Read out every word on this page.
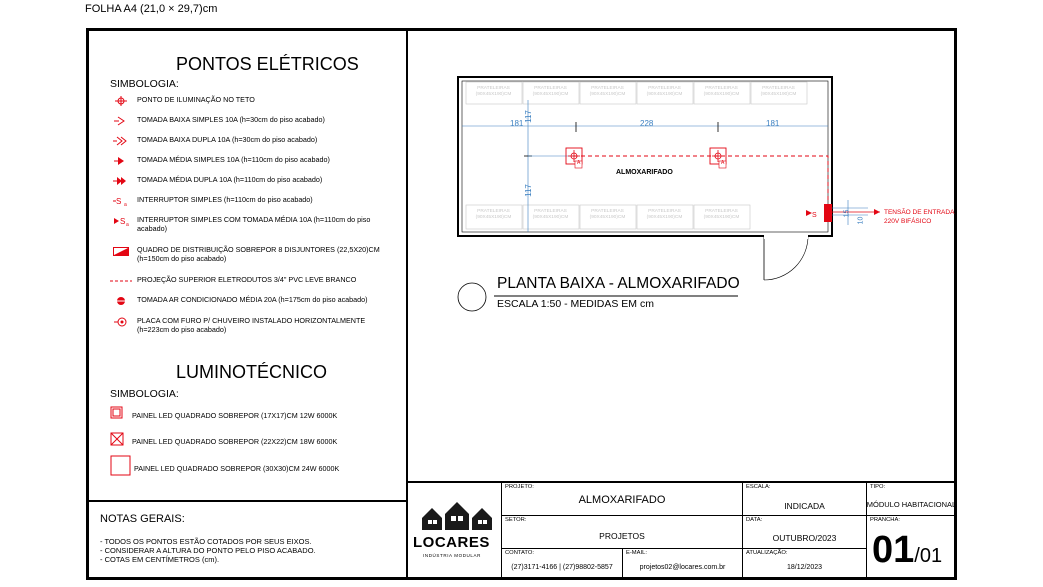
FOLHA A4 (21,0 × 29,7)cm
PONTOS ELÉTRICOS
SIMBOLOGIA:
PONTO DE ILUMINAÇÃO NO TETO
TOMADA BAIXA SIMPLES 10A (h=30cm do piso acabado)
TOMADA BAIXA DUPLA 10A (h=30cm do piso acabado)
TOMADA MÉDIA SIMPLES 10A (h=110cm do piso acabado)
TOMADA MÉDIA DUPLA 10A (h=110cm do piso acabado)
S a
INTERRUPTOR SIMPLES (h=110cm do piso acabado)
S a
INTERRUPTOR SIMPLES COM TOMADA MÉDIA 10A (h=110cm do piso acabado)
QUADRO DE DISTRIBUIÇÃO SOBREPOR 8 DISJUNTORES (22,5X20)CM (h=150cm do piso acabado)
PROJEÇÃO SUPERIOR ELETRODUTOS 3/4" PVC LEVE BRANCO
TOMADA AR CONDICIONADO MÉDIA 20A (h=175cm do piso acabado)
PLACA COM FURO P/ CHUVEIRO INSTALADO HORIZONTALMENTE (h=223cm do piso acabado)
LUMINOTÉCNICO
SIMBOLOGIA:
PAINEL LED QUADRADO SOBREPOR (17X17)CM 12W 6000K
PAINEL LED QUADRADO SOBREPOR (22X22)CM 18W 6000K
PAINEL LED QUADRADO SOBREPOR (30X30)CM 24W 6000K
NOTAS GERAIS:
- TODOS OS PONTOS ESTÃO COTADOS POR SEUS EIXOS.
- CONSIDERAR A ALTURA DO PONTO PELO PISO ACABADO.
- COTAS EM CENTÍMETROS (cm).
S
181	228	181
117
117
15
10
A	A
ALMOXARIFADO
TENSÃO DE ENTRADA
220V BIFÁSICO
PRATELEIRAS
(90X45X190)CM
PRATELEIRAS
(90X45X190)CM
PRATELEIRAS
(90X45X190)CM
PRATELEIRAS
(90X45X190)CM
PRATELEIRAS
(90X45X190)CM
PRATELEIRAS
(90X45X190)CM
PRATELEIRAS
(90X45X190)CM
PRATELEIRAS
(90X45X190)CM
PRATELEIRAS
(90X45X190)CM
PRATELEIRAS
(90X45X190)CM
PRATELEIRAS
(90X45X190)CM
PLANTA BAIXA - ALMOXARIFADO
ESCALA 1:50 - MEDIDAS EM cm
LOCARES
INDÚSTRIA MODULAR
PROJETO:
ALMOXARIFADO
ESCALA:
INDICADA
TIPO:
MÓDULO HABITACIONAL
SETOR:
PROJETOS
DATA:
OUTUBRO/2023
PRANCHA:
01/01
CONTATO:
(27)3171-4166 | (27)98802-5857
E-MAIL:
projetos02@locares.com.br
ATUALIZAÇÃO:
18/12/2023
